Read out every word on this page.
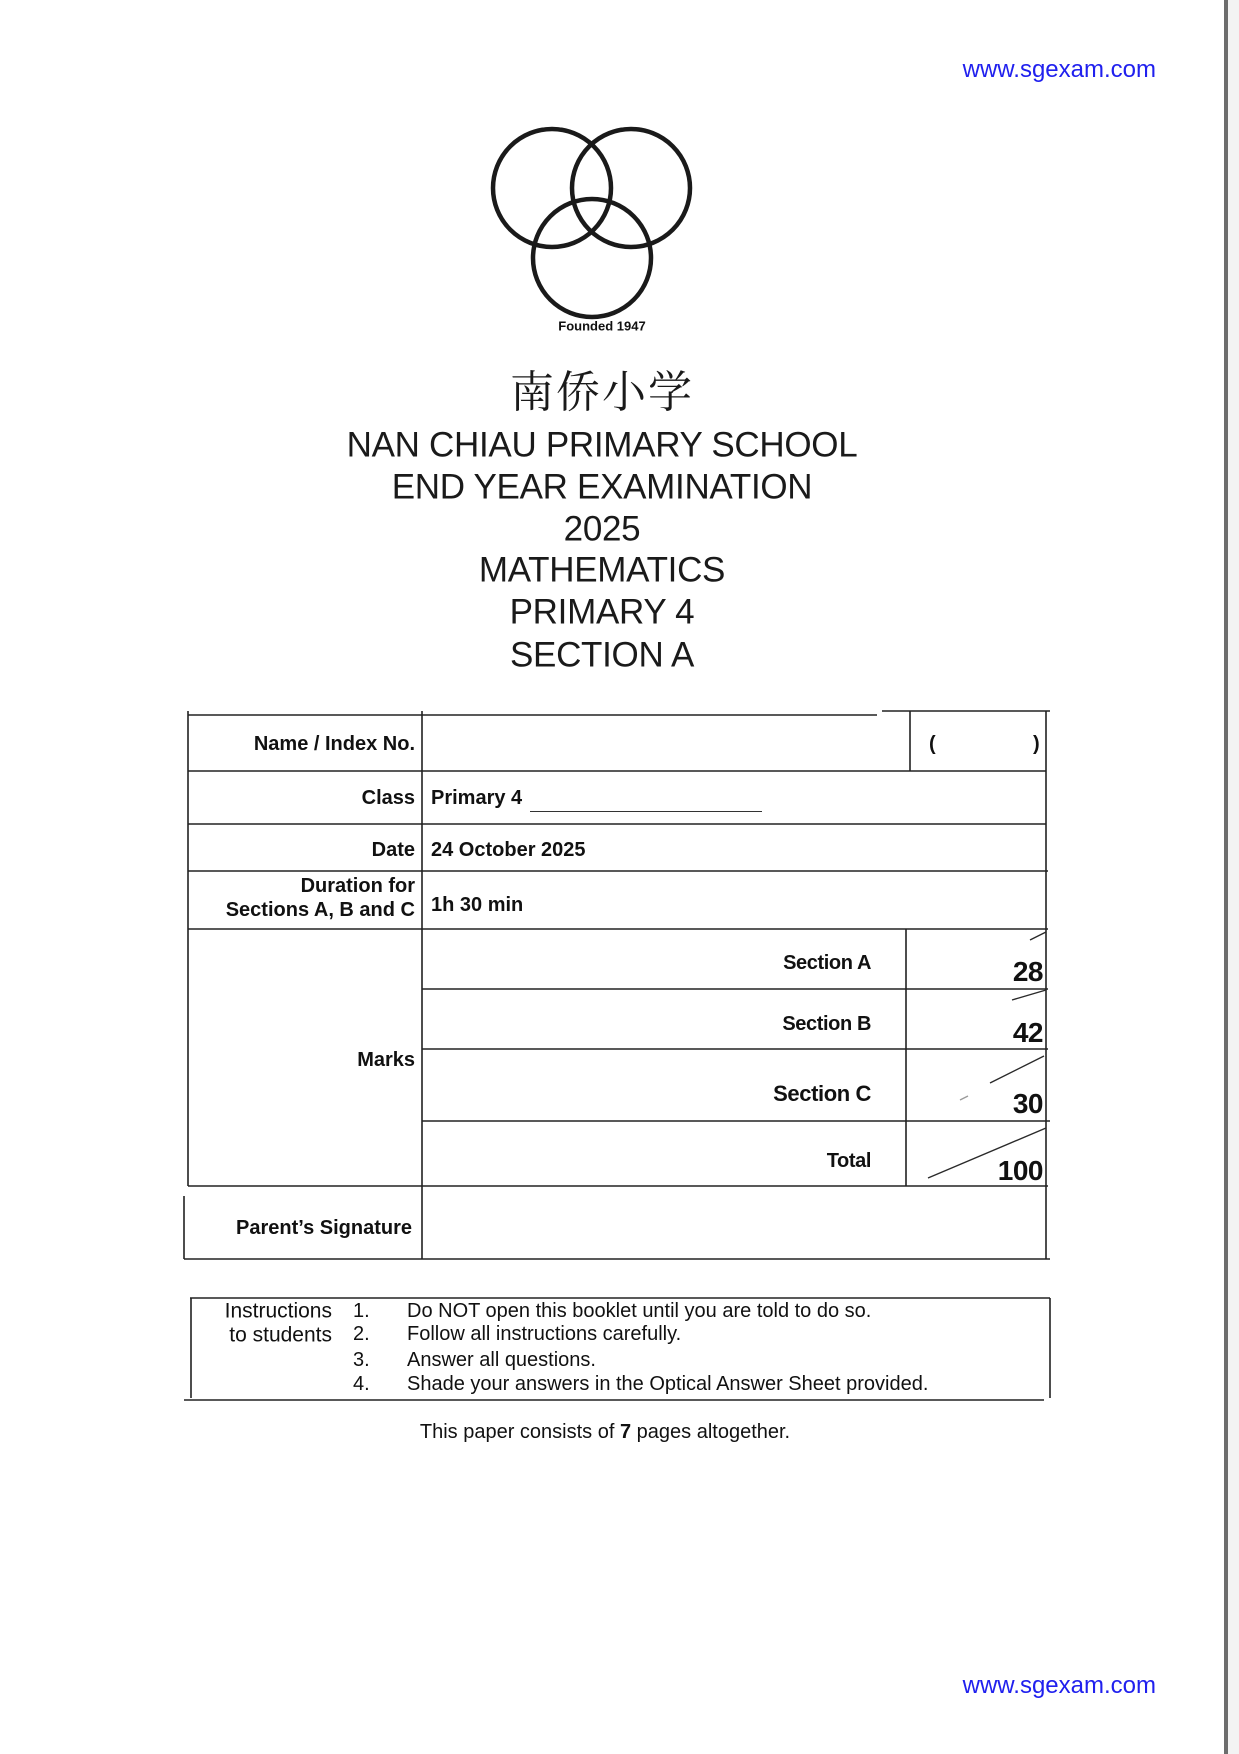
www.sgexam.com
Founded 1947
南侨小学
NAN CHIAU PRIMARY SCHOOL
END YEAR EXAMINATION
2025
MATHEMATICS
PRIMARY 4
SECTION A
Name / Index No.	(	)
Class Primary 4
Date 24 October 2025
Duration for
Sections A, B and C 1h 30 min
Marks
Section A	28
Section B	42
Section C	30
Total	100
Parent’s Signature
Instructions
to students
1. Do NOT open this booklet until you are told to do so.
2. Follow all instructions carefully.
3. Answer all questions.
4. Shade your answers in the Optical Answer Sheet provided.
This paper consists of 7 pages altogether.
www.sgexam.com
